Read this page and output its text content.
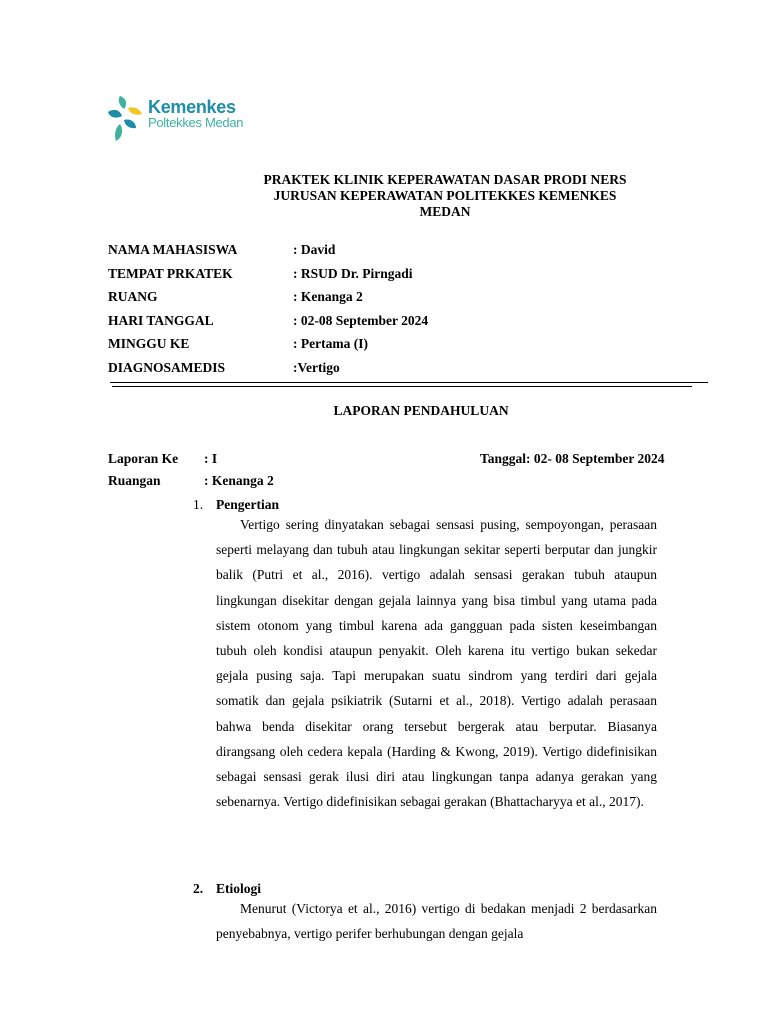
Kemenkes
Poltekkes Medan
PRAKTEK KLINIK KEPERAWATAN DASAR PRODI NERS
JURUSAN KEPERAWATAN POLITEKKES KEMENKES
MEDAN
NAMA MAHASISWA	: David
TEMPAT PRKATEK	: RSUD Dr. Pirngadi
RUANG	: Kenanga 2
HARI TANGGAL	: 02-08 September 2024
MINGGU KE	: Pertama (I)
DIAGNOSAMEDIS	:Vertigo
LAPORAN PENDAHULUAN
Laporan Ke : I	Tanggal: 02- 08 September 2024
Ruangan	: Kenanga 2
1. Pengertian

Vertigo sering dinyatakan sebagai sensasi pusing, sempoyongan, perasaan seperti melayang dan tubuh atau lingkungan sekitar seperti berputar dan jungkir balik (Putri et al., 2016). vertigo adalah sensasi gerakan tubuh ataupun lingkungan disekitar dengan gejala lainnya yang bisa timbul yang utama pada sistem otonom yang timbul karena ada gangguan pada sisten keseimbangan tubuh oleh kondisi ataupun penyakit. Oleh karena itu vertigo bukan sekedar gejala pusing saja. Tapi merupakan suatu sindrom yang terdiri dari gejala somatik dan gejala psikiatrik (Sutarni et al., 2018). Vertigo adalah perasaan bahwa benda disekitar orang tersebut bergerak atau berputar. Biasanya dirangsang oleh cedera kepala (Harding & Kwong, 2019). Vertigo didefinisikan sebagai sensasi gerak ilusi diri atau lingkungan tanpa adanya gerakan yang sebenarnya. Vertigo didefinisikan sebagai gerakan (Bhattacharyya et al., 2017).

2. Etiologi

Menurut (Victorya et al., 2016) vertigo di bedakan menjadi 2 berdasarkan penyebabnya, vertigo perifer berhubungan dengan gejala
